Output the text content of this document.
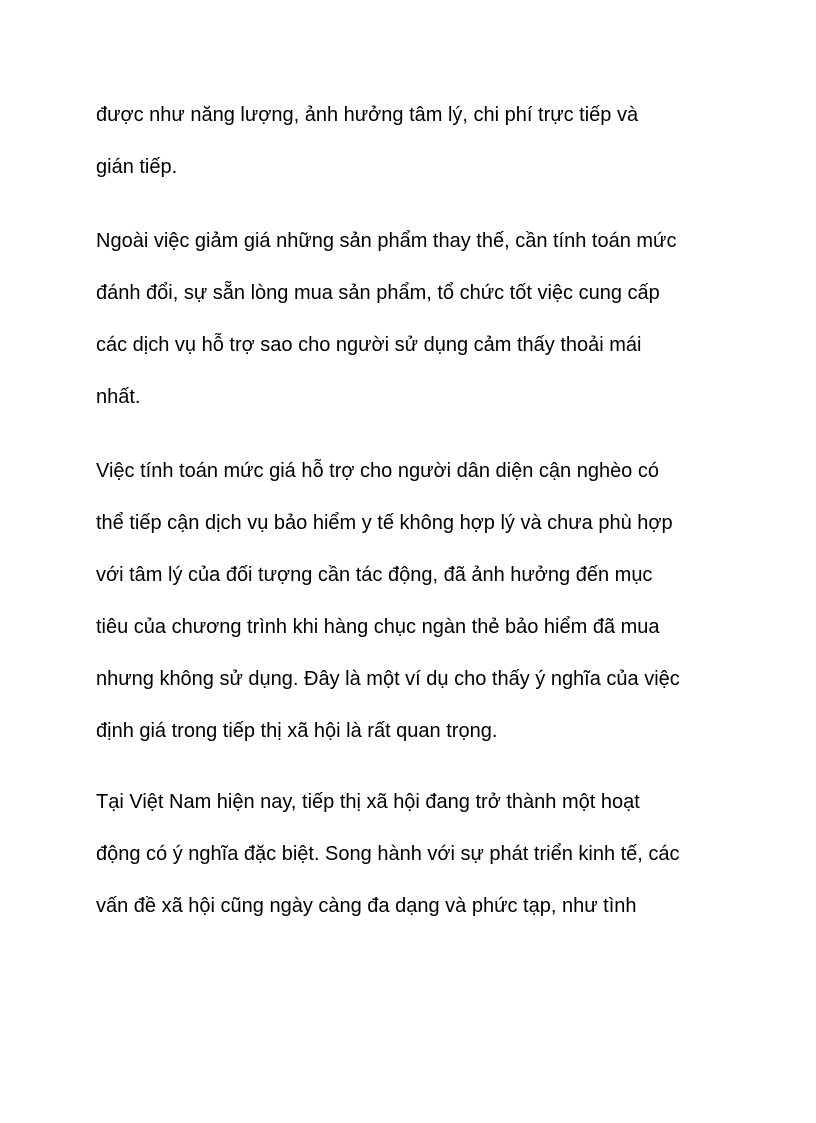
được như năng lượng, ảnh hưởng tâm lý, chi phí trực tiếp và
gián tiếp.

Ngoài việc giảm giá những sản phẩm thay thế, cần tính toán mức
đánh đổi, sự sẵn lòng mua sản phẩm, tổ chức tốt việc cung cấp
các dịch vụ hỗ trợ sao cho người sử dụng cảm thấy thoải mái
nhất.

Việc tính toán mức giá hỗ trợ cho người dân diện cận nghèo có
thể tiếp cận dịch vụ bảo hiểm y tế không hợp lý và chưa phù hợp
với tâm lý của đối tượng cần tác động, đã ảnh hưởng đến mục
tiêu của chương trình khi hàng chục ngàn thẻ bảo hiểm đã mua
nhưng không sử dụng. Đây là một ví dụ cho thấy ý nghĩa của việc
định giá trong tiếp thị xã hội là rất quan trọng.

Tại Việt Nam hiện nay, tiếp thị xã hội đang trở thành một hoạt
động có ý nghĩa đặc biệt. Song hành với sự phát triển kinh tế, các
vấn đề xã hội cũng ngày càng đa dạng và phức tạp, như tình
